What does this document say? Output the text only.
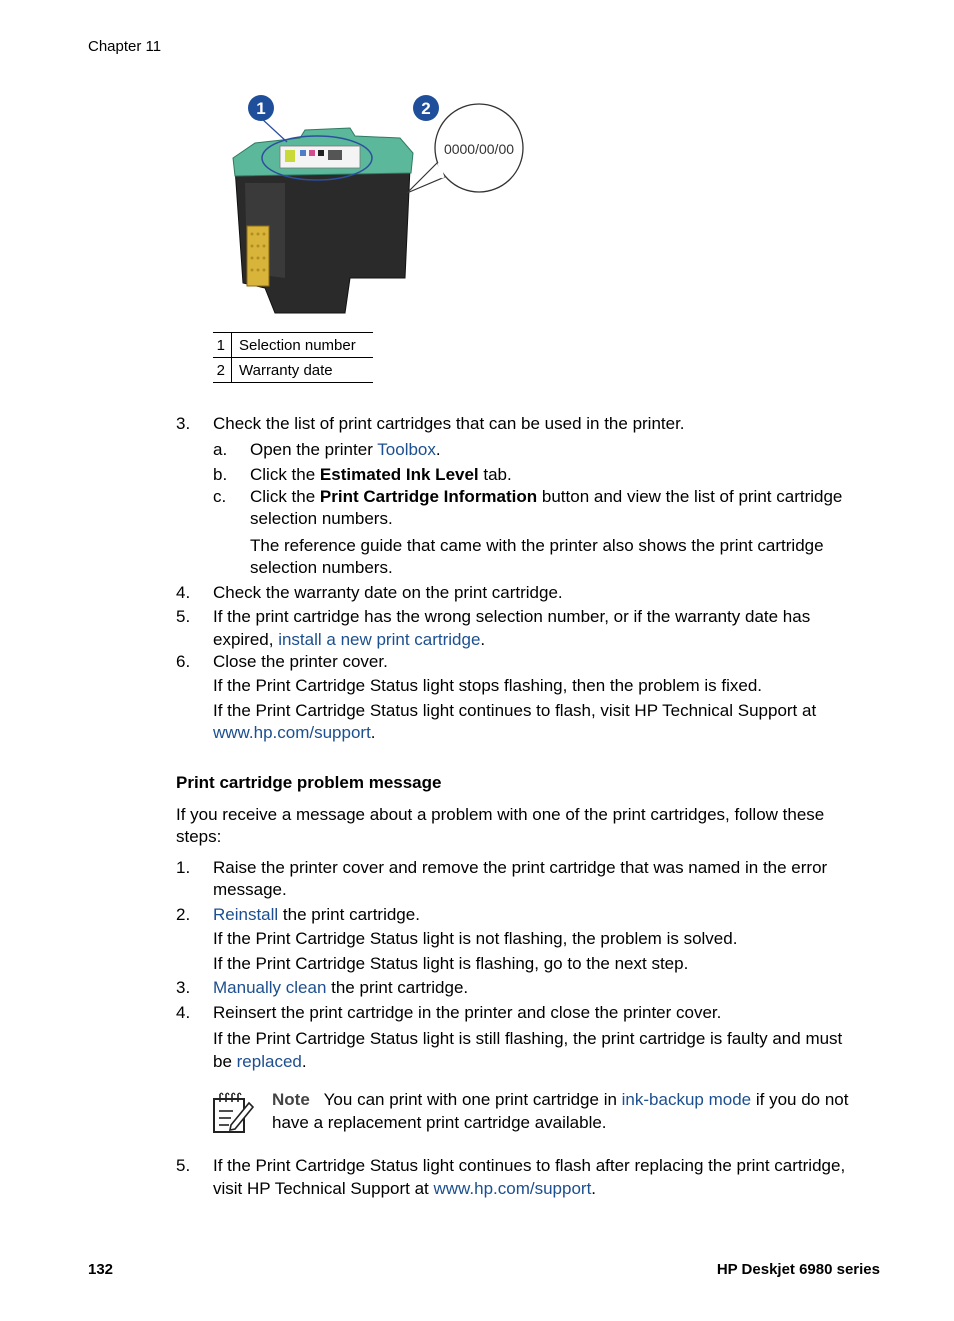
Chapter 11
1	2
0000/00/00
1	Selection number
2	Warranty date
3. Check the list of print cartridges that can be used in the printer.
a. Open the printer Toolbox.
b. Click the Estimated Ink Level tab.
c. Click the Print Cartridge Information button and view the list of print cartridge
selection numbers.
The reference guide that came with the printer also shows the print cartridge
selection numbers.
4. Check the warranty date on the print cartridge.
5. If the print cartridge has the wrong selection number, or if the warranty date has
expired, install a new print cartridge.
6. Close the printer cover.
If the Print Cartridge Status light stops flashing, then the problem is fixed.
If the Print Cartridge Status light continues to flash, visit HP Technical Support at
www.hp.com/support.
Print cartridge problem message
If you receive a message about a problem with one of the print cartridges, follow these
steps:
1. Raise the printer cover and remove the print cartridge that was named in the error
message.
2. Reinstall the print cartridge.
If the Print Cartridge Status light is not flashing, the problem is solved.
If the Print Cartridge Status light is flashing, go to the next step.
3. Manually clean the print cartridge.
4. Reinsert the print cartridge in the printer and close the printer cover.
If the Print Cartridge Status light is still flashing, the print cartridge is faulty and must
be replaced.
Note You can print with one print cartridge in ink-backup mode if you do not
have a replacement print cartridge available.
5. If the Print Cartridge Status light continues to flash after replacing the print cartridge,
visit HP Technical Support at www.hp.com/support.
132	HP Deskjet 6980 series
